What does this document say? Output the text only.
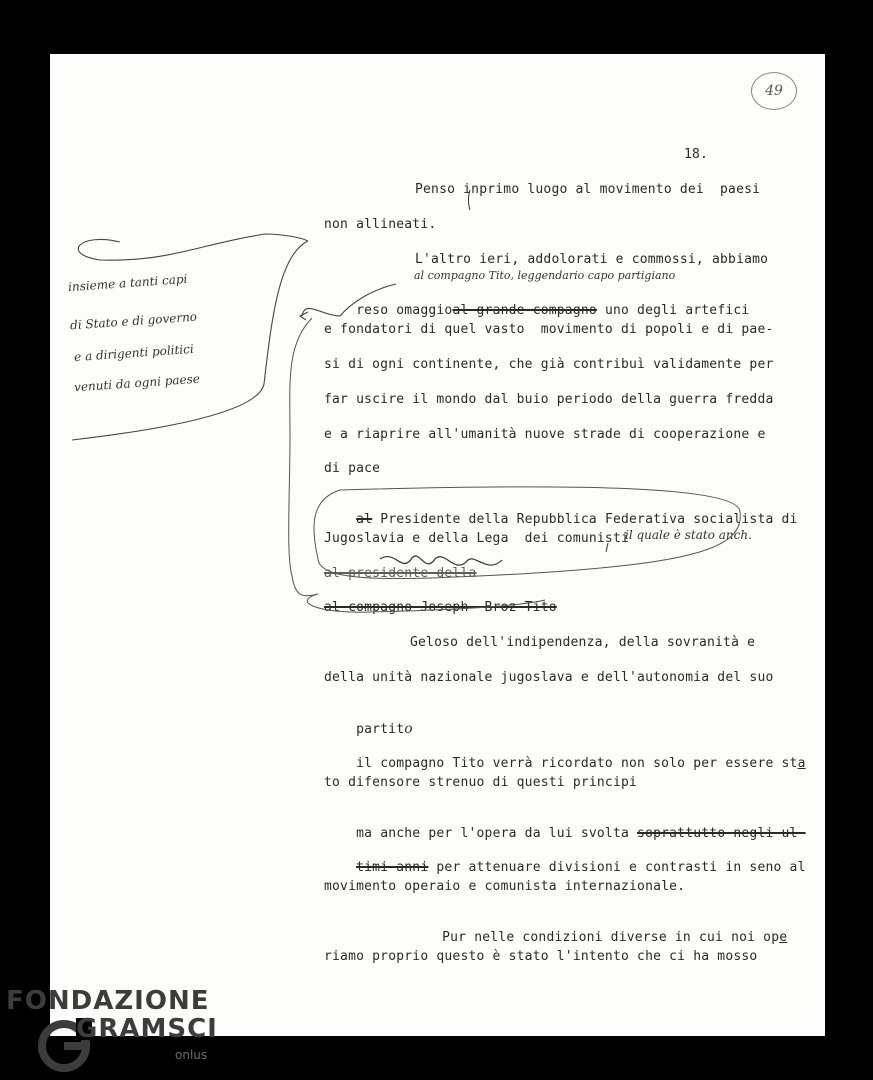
49
18.
Penso inprimo luogo al movimento dei  paesi
non allineati.
L'altro ieri, addolorati e commossi, abbiamo
al compagno Tito, leggendario capo partigiano

reso omaggioal grande compagno uno degli artefici

e fondatori di quel vasto  movimento di popoli e di pae-
si di ogni continente, che già contribuì validamente per
far uscire il mondo dal buio periodo della guerra fredda
e a riaprire all'umanità nuove strade di cooperazione e
di pace

al Presidente della Repubblica Federativa socialista di

Jugoslavia e della Lega  dei comunisti
il quale è stato anch.
al presidente della
al compagno Joseph  Broz Tito
Geloso dell'indipendenza, della sovranità e
della unità nazionale jugoslava e dell'autonomia del suo

partito

il compagno Tito verrà ricordato non solo per essere sta

to difensore strenuo di questi principi

ma anche per l'opera da lui svolta soprattutto negli ul-

timi anni per attenuare divisioni e contrasti in seno al

movimento operaio e comunista internazionale.

Pur nelle condizioni diverse in cui noi ope

riamo proprio questo è stato l'intento che ci ha mosso
insieme a tanti capi
di Stato e di governo
e a dirigenti politici
venuti da ogni paese
FONDAZIONE
GRAMSCI
onlus
